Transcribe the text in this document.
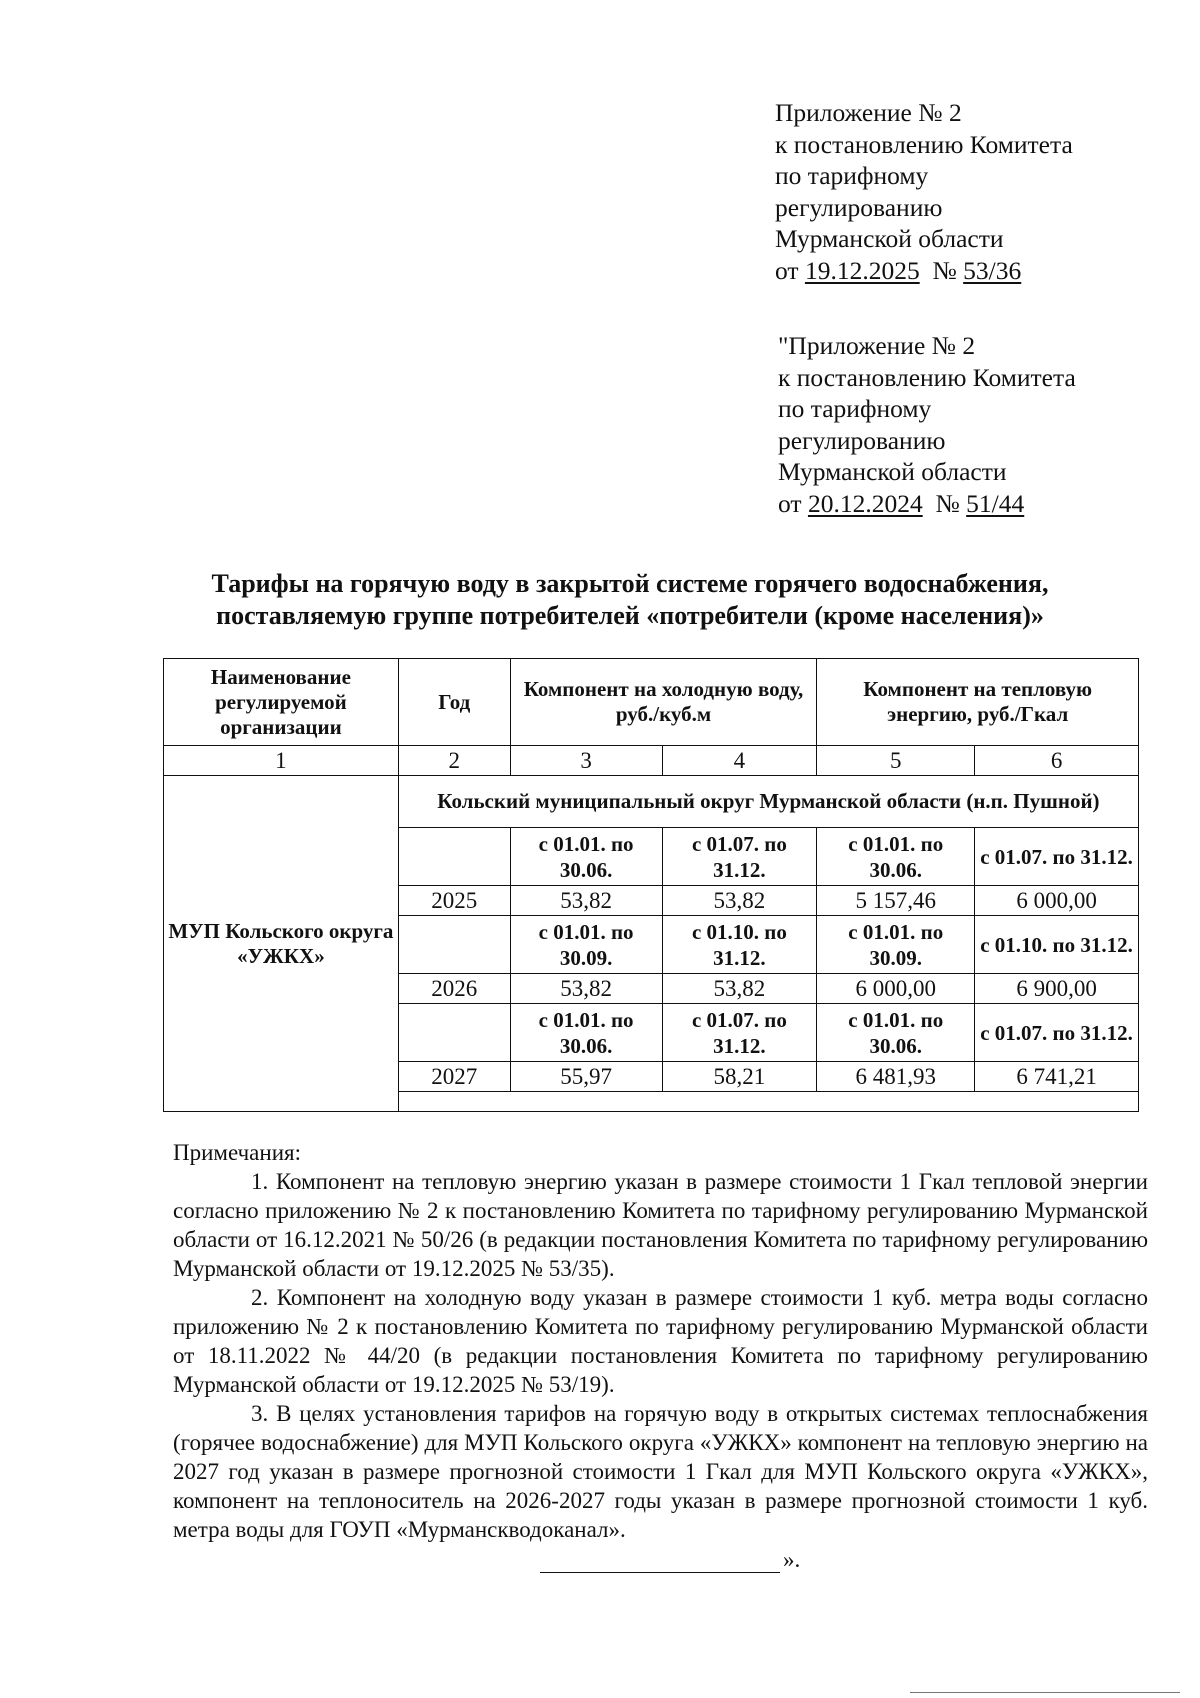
Приложение № 2
к постановлению Комитета
по тарифному
регулированию
Мурманской области
от 19.12.2025 № 53/36
"Приложение № 2
к постановлению Комитета
по тарифному
регулированию
Мурманской области
от 20.12.2024 № 51/44
Тарифы на горячую воду в закрытой системе горячего водоснабжения,
поставляемую группе потребителей «потребители (кроме населения)»
Наименование регулируемой организации	Год	Компонент на холодную воду, руб./куб.м		Компонент на тепловую энергию, руб./Гкал	
1	2	3	4	5	6
МУП Кольского округа «УЖКХ»	Кольский муниципальный округ Мурманской области (н.п. Пушной)				
		с 01.01. по 30.06.	с 01.07. по 31.12.	с 01.01. по 30.06.	с 01.07. по 31.12.
	2025	53,82	53,82	5 157,46	6 000,00
		с 01.01. по 30.09.	с 01.10. по 31.12.	с 01.01. по 30.09.	с 01.10. по 31.12.
	2026	53,82	53,82	6 000,00	6 900,00
		с 01.01. по 30.06.	с 01.07. по 31.12.	с 01.01. по 30.06.	с 01.07. по 31.12.
	2027	55,97	58,21	6 481,93	6 741,21

Примечания:

1. Компонент на тепловую энергию указан в размере стоимости 1 Гкал тепловой энергии согласно приложению № 2 к постановлению Комитета по тарифному регулированию Мурманской области от 16.12.2021 № 50/26 (в редакции постановления Комитета по тарифному регулированию Мурманской области от 19.12.2025 № 53/35).

2. Компонент на холодную воду указан в размере стоимости 1 куб. метра воды согласно приложению № 2 к постановлению Комитета по тарифному регулированию Мурманской области от 18.11.2022 № 44/20 (в редакции постановления Комитета по тарифному регулированию Мурманской области от 19.12.2025 № 53/19).

3. В целях установления тарифов на горячую воду в открытых системах теплоснабжения (горячее водоснабжение) для МУП Кольского округа «УЖКХ» компонент на тепловую энергию на 2027 год указан в размере прогнозной стоимости 1 Гкал для МУП Кольского округа «УЖКХ», компонент на теплоноситель на 2026-2027 годы указан в размере прогнозной стоимости 1 куб. метра воды для ГОУП «Мурманскводоканал».

».
